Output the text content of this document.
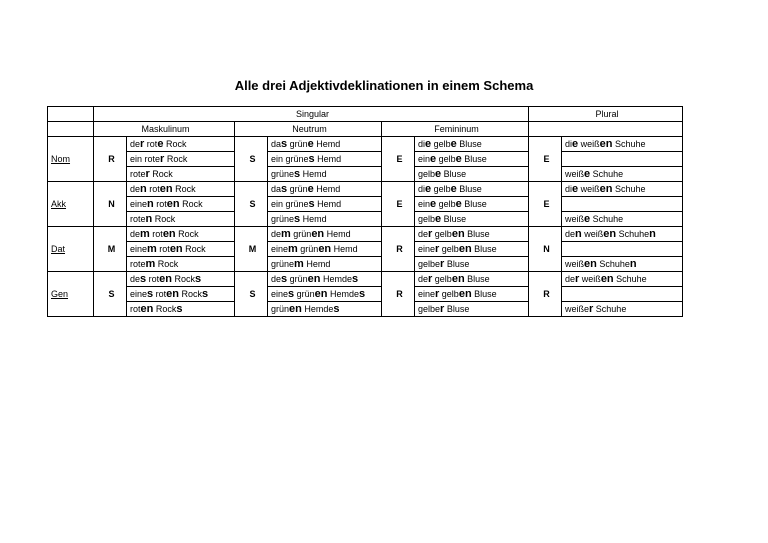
Alle drei Adjektivdeklinationen in einem Schema
	Singular						Plural	
	Maskulinum		Neutrum		Femininum			
Nom	R	der rote Rock	S	das grüne Hemd	E	die gelbe Bluse	E	die weißen Schuhe
		ein roter Rock		ein grünes Hemd		eine gelbe Bluse		
		roter Rock		grünes Hemd		gelbe Bluse		weiße Schuhe
Akk	N	den roten Rock	S	das grüne Hemd	E	die gelbe Bluse	E	die weißen Schuhe
		einen roten Rock		ein grünes Hemd		eine gelbe Bluse		
		roten Rock		grünes Hemd		gelbe Bluse		weiße Schuhe
Dat	M	dem roten Rock	M	dem grünen Hemd	R	der gelben Bluse	N	den weißen Schuhen
		einem roten Rock		einem grünen Hemd		einer gelben Bluse		
		rotem Rock		grünem Hemd		gelber Bluse		weißen Schuhen
Gen	S	des roten Rocks	S	des grünen Hemdes	R	der gelben Bluse	R	der weißen Schuhe
		eines roten Rocks		eines grünen Hemdes		einer gelben Bluse		
		roten Rocks		grünen Hemdes		gelber Bluse		weißer Schuhe
